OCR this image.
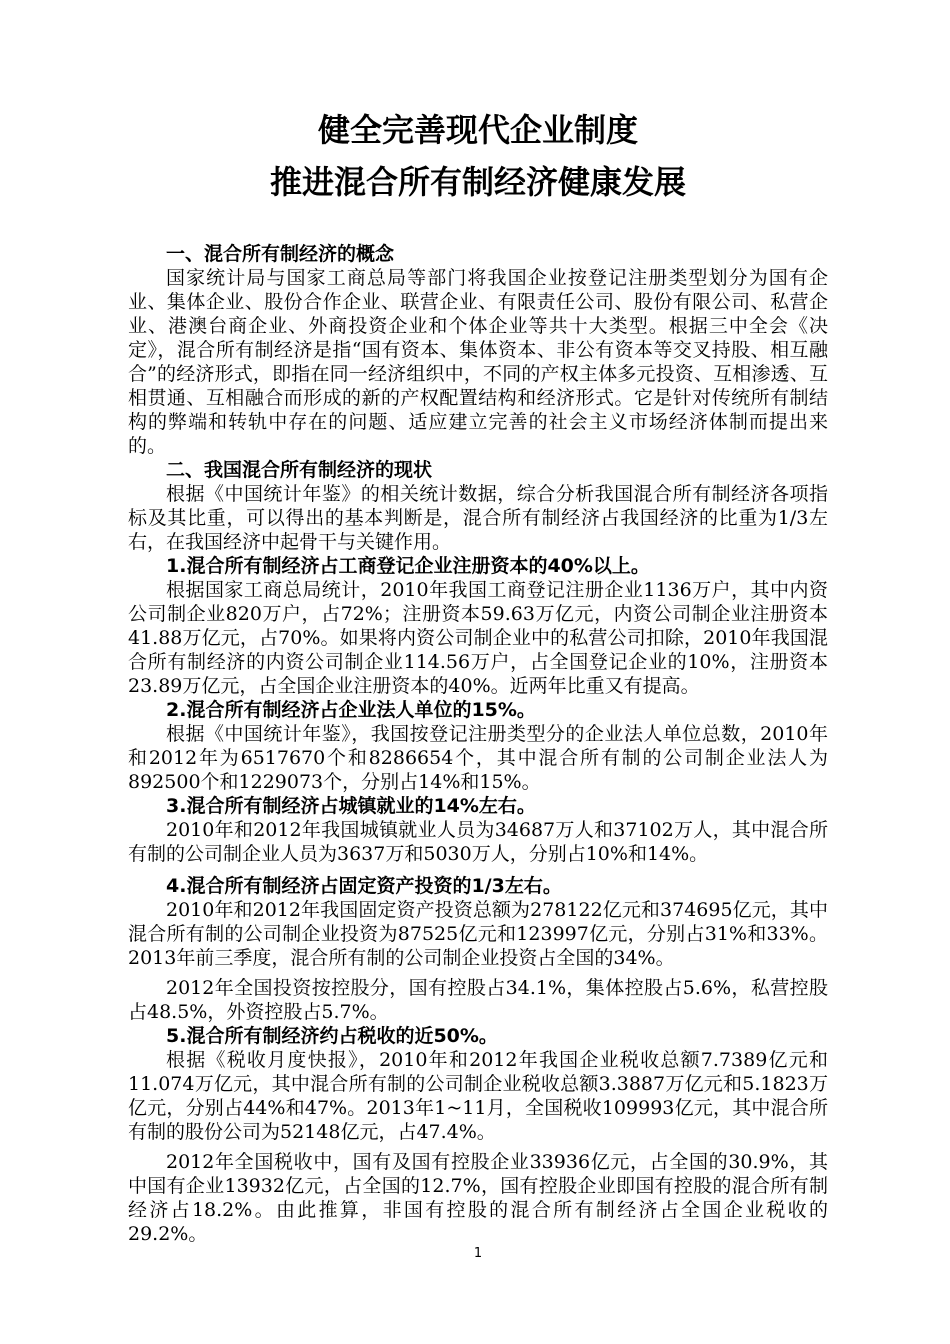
健全完善现代企业制度
推进混合所有制经济健康发展

一、混合所有制经济的概念

国家统计局与国家工商总局等部门将我国企业按登记注册类型划分为国有企业、集体企业、股份合作企业、联营企业、有限责任公司、股份有限公司、私营企业、港澳台商企业、外商投资企业和个体企业等共十大类型。根据三中全会《决定》，混合所有制经济是指“国有资本、集体资本、非公有资本等交叉持股、相互融合”的经济形式，即指在同一经济组织中，不同的产权主体多元投资、互相渗透、互相贯通、互相融合而形成的新的产权配置结构和经济形式。它是针对传统所有制结构的弊端和转轨中存在的问题、适应建立完善的社会主义市场经济体制而提出来的。

二、我国混合所有制经济的现状

根据《中国统计年鉴》的相关统计数据，综合分析我国混合所有制经济各项指标及其比重，可以得出的基本判断是，混合所有制经济占我国经济的比重为1/3左右，在我国经济中起骨干与关键作用。

1.混合所有制经济占工商登记企业注册资本的40%以上。

根据国家工商总局统计，2010年我国工商登记注册企业1136万户，其中内资公司制企业820万户，占72%；注册资本59.63万亿元，内资公司制企业注册资本41.88万亿元，占70%。如果将内资公司制企业中的私营公司扣除，2010年我国混合所有制经济的内资公司制企业114.56万户，占全国登记企业的10%，注册资本23.89万亿元，占全国企业注册资本的40%。近两年比重又有提高。

2.混合所有制经济占企业法人单位的15%。

根据《中国统计年鉴》，我国按登记注册类型分的企业法人单位总数，2010年和2012年为6517670个和8286654个，其中混合所有制的公司制企业法人为892500个和1229073个，分别占14%和15%。

3.混合所有制经济占城镇就业的14%左右。

2010年和2012年我国城镇就业人员为34687万人和37102万人，其中混合所有制的公司制企业人员为3637万和5030万人，分别占10%和14%。

4.混合所有制经济占固定资产投资的1/3左右。

2010年和2012年我国固定资产投资总额为278122亿元和374695亿元，其中混合所有制的公司制企业投资为87525亿元和123997亿元，分别占31%和33%。2013年前三季度，混合所有制的公司制企业投资占全国的34%。

2012年全国投资按控股分，国有控股占34.1%，集体控股占5.6%，私营控股占48.5%，外资控股占5.7%。

5.混合所有制经济约占税收的近50%。

根据《税收月度快报》，2010年和2012年我国企业税收总额7.7389亿元和11.074万亿元，其中混合所有制的公司制企业税收总额3.3887万亿元和5.1823万亿元，分别占44%和47%。2013年1~11月，全国税收109993亿元，其中混合所有制的股份公司为52148亿元，占47.4%。

2012年全国税收中，国有及国有控股企业33936亿元，占全国的30.9%，其中国有企业13932亿元，占全国的12.7%，国有控股企业即国有控股的混合所有制经济占18.2%。由此推算，非国有控股的混合所有制经济占全国企业税收的29.2%。

1
